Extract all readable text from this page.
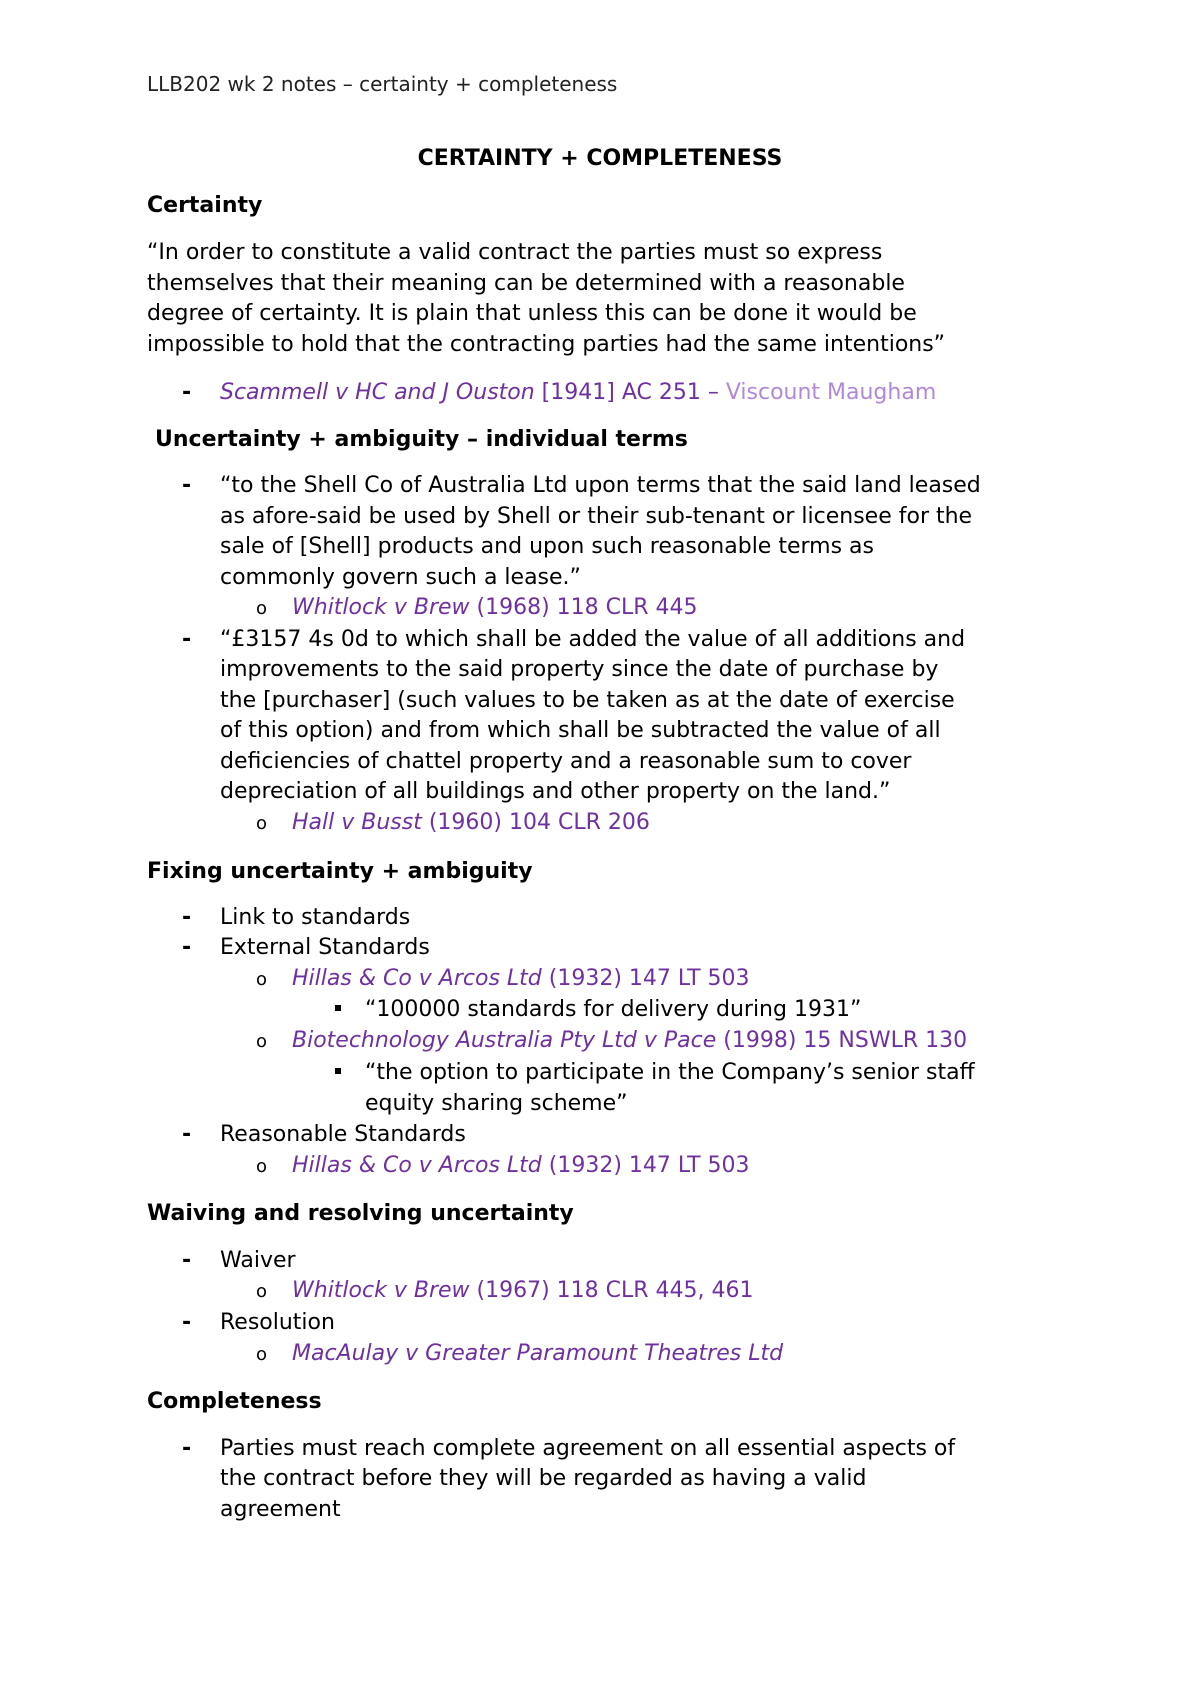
LLB202 wk 2 notes – certainty + completeness
CERTAINTY + COMPLETENESS
Certainty
“In order to constitute a valid contract the parties must so express
themselves that their meaning can be determined with a reasonable
degree of certainty. It is plain that unless this can be done it would be
impossible to hold that the contracting parties had the same intentions”
- Scammell v HC and J Ouston [1941] AC 251 – Viscount Maugham
Uncertainty + ambiguity – individual terms
- “to the Shell Co of Australia Ltd upon terms that the said land leased
as afore-said be used by Shell or their sub-tenant or licensee for the
sale of [Shell] products and upon such reasonable terms as
commonly govern such a lease.”
o Whitlock v Brew (1968) 118 CLR 445
- “£3157 4s 0d to which shall be added the value of all additions and
improvements to the said property since the date of purchase by
the [purchaser] (such values to be taken as at the date of exercise
of this option) and from which shall be subtracted the value of all
deficiencies of chattel property and a reasonable sum to cover
depreciation of all buildings and other property on the land.”
o Hall v Busst (1960) 104 CLR 206
Fixing uncertainty + ambiguity
- Link to standards
- External Standards
o Hillas & Co v Arcos Ltd (1932) 147 LT 503
“100000 standards for delivery during 1931”
o Biotechnology Australia Pty Ltd v Pace (1998) 15 NSWLR 130
“the option to participate in the Company’s senior staff
equity sharing scheme”
- Reasonable Standards
o Hillas & Co v Arcos Ltd (1932) 147 LT 503
Waiving and resolving uncertainty
- Waiver
o Whitlock v Brew (1967) 118 CLR 445, 461
- Resolution
o MacAulay v Greater Paramount Theatres Ltd
Completeness
- Parties must reach complete agreement on all essential aspects of
the contract before they will be regarded as having a valid
agreement
